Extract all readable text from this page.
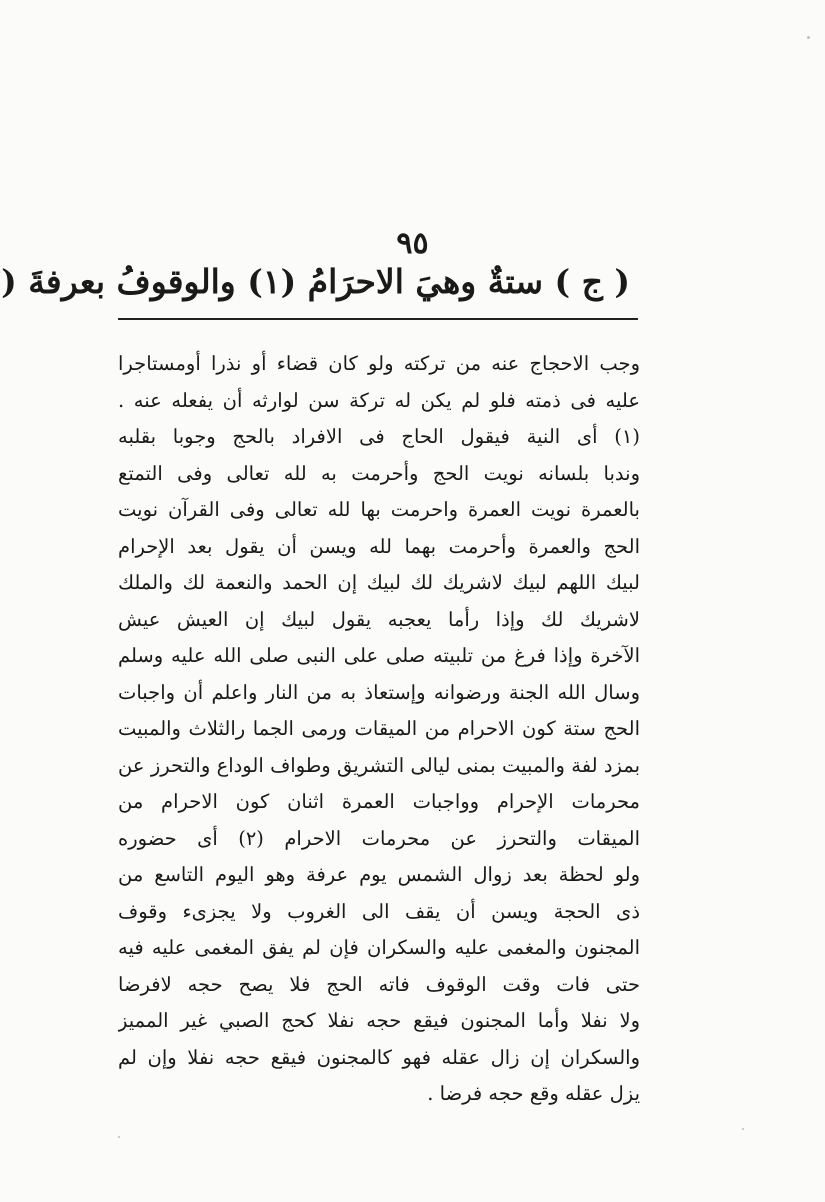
٩٥
( ج ) ستةٌ وهيَ الاحرَامُ (١) والوقوفُ بعرفةَ (
وجب الاحجاج عنه من تركته ولو كان قضاء أو نذرا أومستاجرا
عليه فى ذمته فلو لم يكن له تركة سن لوارثه أن يفعله عنه .
(١) أى النية فيقول الحاج فى الافراد بالحج وجوبا بقلبه
وندبا بلسانه نويت الحج وأحرمت به لله تعالى وفى التمتع
بالعمرة نويت العمرة واحرمت بها لله تعالى وفى القرآن نويت
الحج والعمرة وأحرمت بهما لله ويسن أن يقول بعد الإحرام
لبيك اللهم لبيك لاشريك لك لبيك إن الحمد والنعمة لك والملك
لاشريك لك وإذا رأما يعجبه يقول لبيك إن العيش عيش
الآخرة وإذا فرغ من تلبيته صلى على النبى صلى الله عليه وسلم
وسال الله الجنة ورضوانه وإستعاذ به من النار واعلم أن واجبات
الحج ستة كون الاحرام من الميقات ورمى الجما رالثلاث والمبيت
بمزد لفة والمبيت بمنى ليالى التشريق وطواف الوداع والتحرز عن
محرمات الإحرام وواجبات العمرة اثنان كون الاحرام من
الميقات والتحرز عن محرمات الاحرام (٢) أى حضوره
ولو لحظة بعد زوال الشمس يوم عرفة وهو اليوم التاسع من
ذى الحجة ويسن أن يقف الى الغروب ولا يجزىء وقوف
المجنون والمغمى عليه والسكران فإن لم يفق المغمى عليه فيه
حتى فات وقت الوقوف فاته الحج فلا يصح حجه لافرضا
ولا نفلا وأما المجنون فيقع حجه نفلا كحج الصبي غير المميز
والسكران إن زال عقله فهو كالمجنون فيقع حجه نفلا وإن لم
يزل عقله وقع حجه فرضا .
